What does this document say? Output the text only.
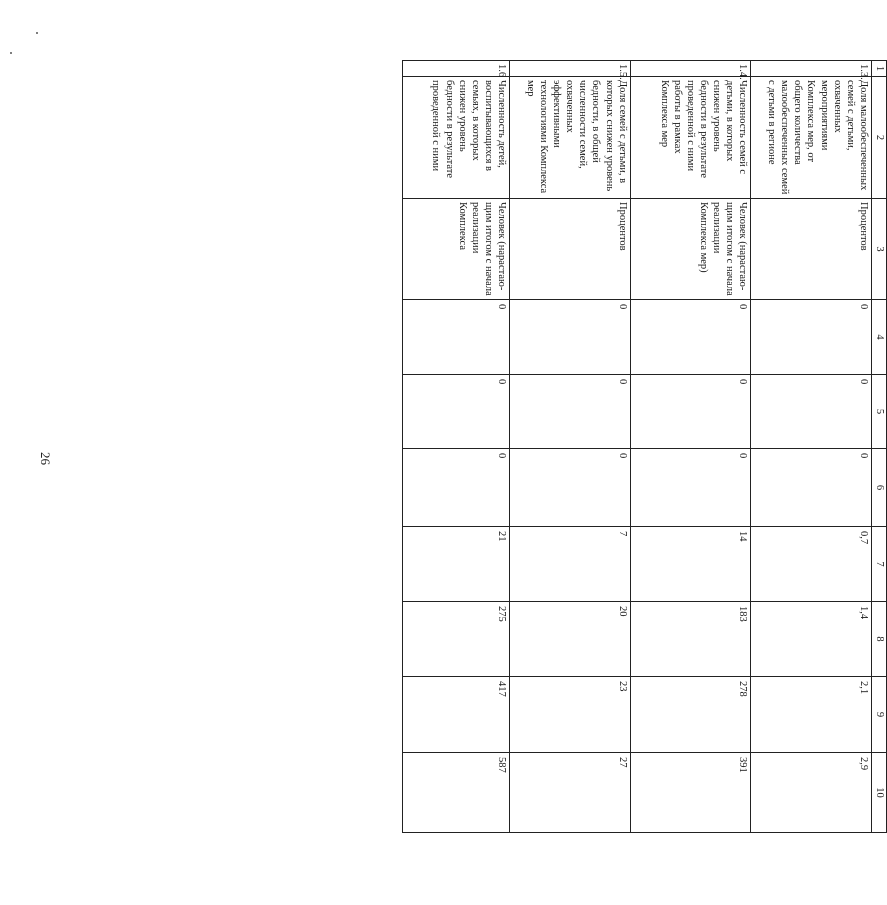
26
1	2	3	4	5	6	7	8	9	10
1.3.	Доля малообеспеченных семей с детьми, охваченных мероприятиями Комплекса мер, от общего количества малообеспеченных семей с детьми в регионе	Процентов	0	0	0	0,7	1,4	2,1	2,9
1.4.	Численность семей с детьми, в которых снижен уровень бедности в результате проведенной с ними работы в рамках Комплекса мер	Человек (нарастаю-щим итогом с начала реализации Комплекса мер)	0	0	0	14	183	278	391
1.5.	Доля семей с детьми, в которых снижен уровень бедности, в общей численности семей, охваченных эффективными технологиями Комплекса мер	Процентов	0	0	0	7	20	23	27
1.6	Численность детей, воспитывающихся в семьях, в которых снижен уровень бедности в результате проведенной с ними	Человек (нарастаю-щим итогом с начала реализации Комплекса	0	0	0	21	275	417	587
